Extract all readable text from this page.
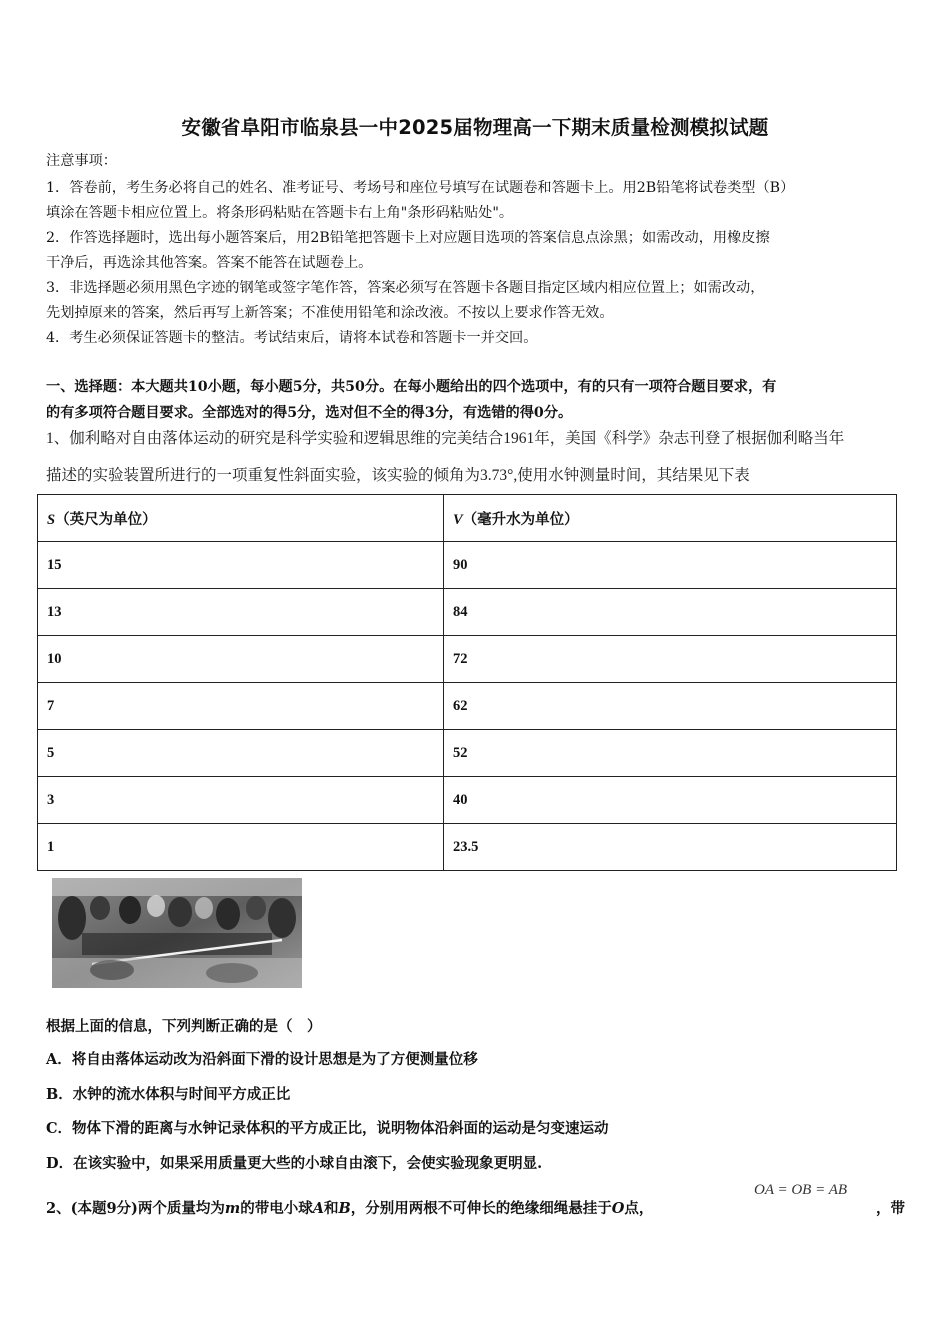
安徽省阜阳市临泉县一中2025届物理高一下期末质量检测模拟试题
注意事项：
1．答卷前，考生务必将自己的姓名、准考证号、考场号和座位号填写在试题卷和答题卡上。用2B铅笔将试卷类型（B）
填涂在答题卡相应位置上。将条形码粘贴在答题卡右上角"条形码粘贴处"。
2．作答选择题时，选出每小题答案后，用2B铅笔把答题卡上对应题目选项的答案信息点涂黑；如需改动，用橡皮擦
干净后，再选涂其他答案。答案不能答在试题卷上。
3．非选择题必须用黑色字迹的钢笔或签字笔作答，答案必须写在答题卡各题目指定区域内相应位置上；如需改动，
先划掉原来的答案，然后再写上新答案；不准使用铅笔和涂改液。不按以上要求作答无效。
4．考生必须保证答题卡的整洁。考试结束后，请将本试卷和答题卡一并交回。
一、选择题：本大题共10小题，每小题5分，共50分。在每小题给出的四个选项中，有的只有一项符合题目要求，有
的有多项符合题目要求。全部选对的得5分，选对但不全的得3分，有选错的得0分。
1、伽利略对自由落体运动的研究是科学实验和逻辑思维的完美结合1961年，美国《科学》杂志刊登了根据伽利略当年
描述的实验装置所进行的一项重复性斜面实验，该实验的倾角为3.73°,使用水钟测量时间，其结果见下表
S（英尺为单位）	V（毫升水为单位）
15	90
13	84
10	72
7	62
5	52
3	40
1	23.5
根据上面的信息，下列判断正确的是（　）
A．将自由落体运动改为沿斜面下滑的设计思想是为了方便测量位移
B．水钟的流水体积与时间平方成正比
C．物体下滑的距离与水钟记录体积的平方成正比，说明物体沿斜面的运动是匀变速运动
D．在该实验中，如果采用质量更大些的小球自由滚下，会使实验现象更明显.
2、(本题9分)两个质量均为m的带电小球A和B，分别用两根不可伸长的绝缘细绳悬挂于O点，
OA = OB = AB
，带
